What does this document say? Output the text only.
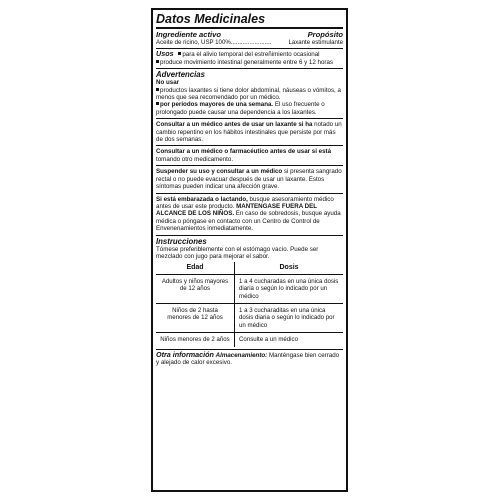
Datos Medicinales
Ingrediente activo	Propósito
Aceite de ricino, USP 100%........................	Laxante estimulante
Usos para el alivio temporal del estreñimiento ocasional
produce movimiento intestinal generalmente entre 6 y 12 horas
Advertencias

No usar

productos laxantes si tiene dolor abdominal, náuseas o vómitos, a menos que sea recomendado por un médico.

por períodos mayores de una semana. El uso frecuente o prolongado puede causar una dependencia a los laxantes.

Consultar a un médico antes de usar un laxante si ha notado un cambio repentino en los hábitos intestinales que persiste por más de dos semanas.

Consultar a un médico o farmacéutico antes de usar si está tomando otro medicamento.

Suspender su uso y consultar a un médico si presenta sangrado rectal o no puede evacuar después de usar un laxante. Estos síntomas pueden indicar una afección grave.

Si está embarazada o lactando, busque asesoramiento médico antes de usar este producto. MANTENGASE FUERA DEL ALCANCE DE LOS NIÑOS. En caso de sobredosis, busque ayuda médica o póngase en contacto con un Centro de Control de Envenenamientos inmediatamente.

Instrucciones

Tómese preferiblemente con el estómago vacío. Puede ser mezclado con jugo para mejorar el sabor.

Edad	Dosis
Adultos y niños mayores de 12 años	1 a 4 cucharadas en una única dosis diaria o según lo indicado por un médico
Niños de 2 hasta menores de 12 años	1 a 3 cucharaditas en una única dosis diaria o según lo indicado por un médico
Niños menores de 2 años	Consulte a un médico

Otra información Almacenamiento: Manténgase bien cerrado y alejado de calor excesivo.
